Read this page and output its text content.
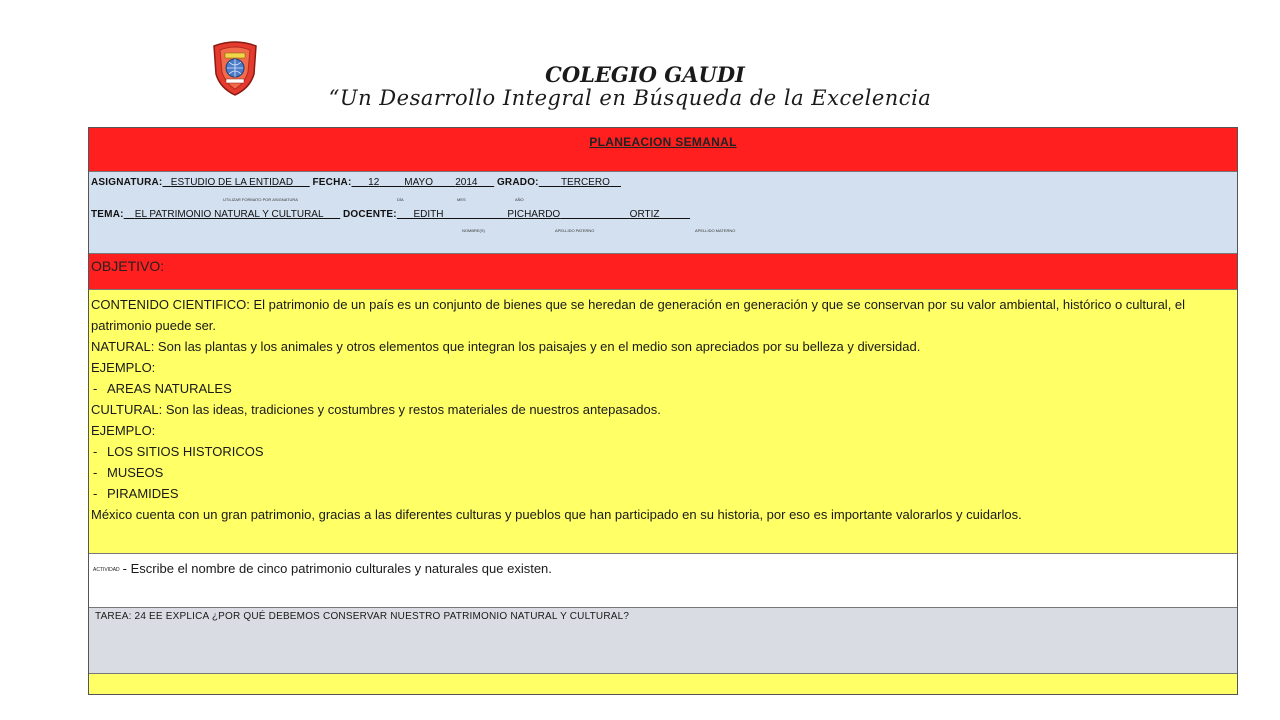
COLEGIO GAUDI
“Un Desarrollo Integral en Búsqueda de la Excelencia
PLANEACION SEMANAL
ASIGNATURA: ESTUDIO DE LA ENTIDAD FECHA: 12	MAYO 2014 GRADO: TERCERO
UTILIZAR FORMATO POR ASIGNATURA	DÍA	MES	AÑO
TEMA: EL PATRIMONIO NATURAL Y CULTURAL DOCENTE: EDITH	PICHARDO	ORTIZ
NOMBRE(S)	APELLIDO PATERNO	APELLIDO MATERNO
OBJETIVO:

CONTENIDO CIENTIFICO: El patrimonio de un país es un conjunto de bienes que se heredan de generación en generación y que se conservan por su valor ambiental, histórico o cultural, el patrimonio puede ser.

NATURAL: Son las plantas y los animales y otros elementos que integran los paisajes y en el medio son apreciados por su belleza y diversidad.

EJEMPLO:

- AREAS NATURALES

CULTURAL: Son las ideas, tradiciones y costumbres y restos materiales de nuestros antepasados.

EJEMPLO:

- LOS SITIOS HISTORICOS

- MUSEOS

- PIRAMIDES

México cuenta con un gran patrimonio, gracias a las diferentes culturas y pueblos que han participado en su historia, por eso es importante valorarlos y cuidarlos.

ACTIVIDAD - Escribe el nombre de cinco patrimonio culturales y naturales que existen.
TAREA: 24 EE EXPLICA ¿POR QUÉ DEBEMOS CONSERVAR NUESTRO PATRIMONIO NATURAL Y CULTURAL?
